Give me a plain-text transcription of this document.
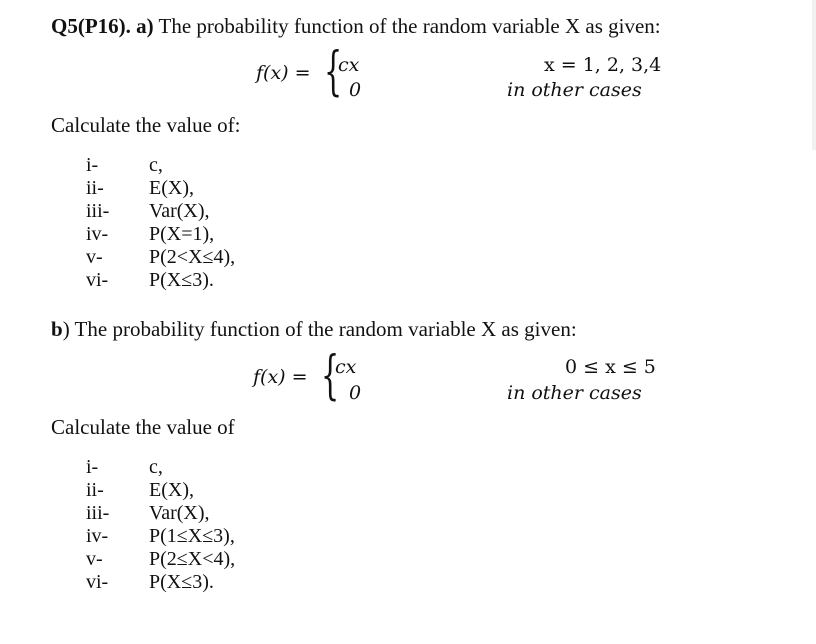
Q5(P16). a) The probability function of the random variable X as given:
f(x) = {
cx
0
x = 1, 2, 3,4
in other cases
Calculate the value of:
i-	c,
ii- E(X),
iii- Var(X),
iv- P(X=1),
v- P(2<X≤4),
vi- P(X≤3).
b) The probability function of the random variable X as given:
f(x) = {
cx
0
0 ≤ x ≤ 5
in other cases
Calculate the value of
i-	c,
ii- E(X),
iii- Var(X),
iv- P(1≤X≤3),
v- P(2≤X<4),
vi- P(X≤3).
